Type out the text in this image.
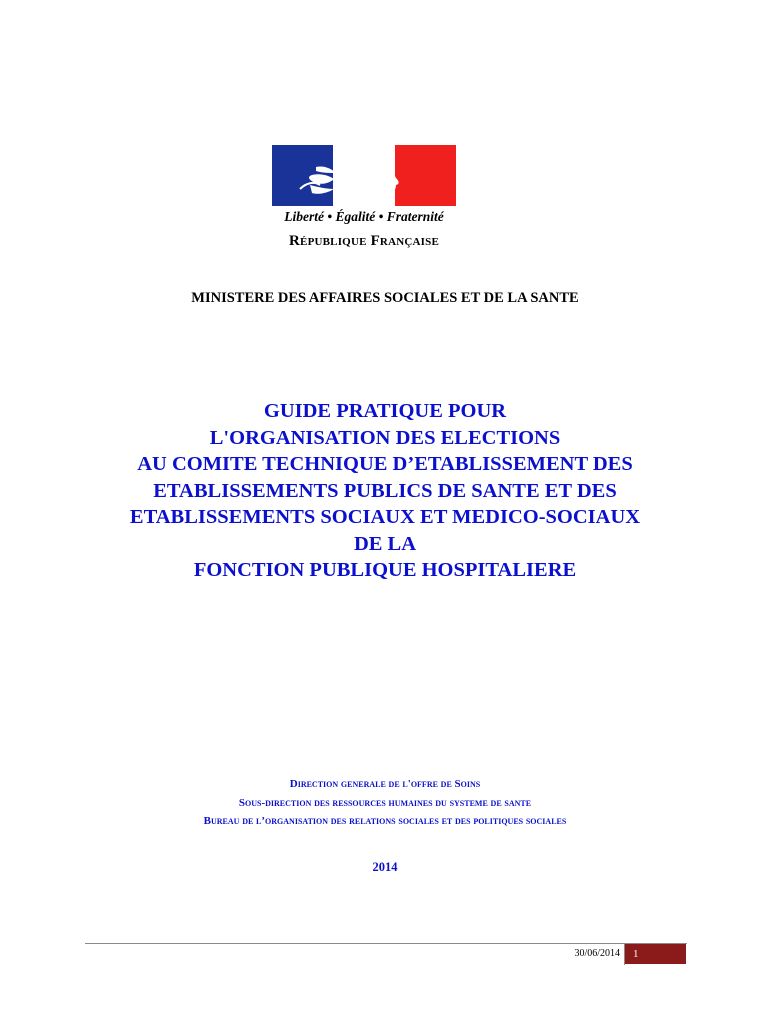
Liberté • Égalité • Fraternité
République Française
MINISTERE DES AFFAIRES SOCIALES ET DE LA SANTE
GUIDE PRATIQUE POUR
L'ORGANISATION DES ELECTIONS
AU COMITE TECHNIQUE D’ETABLISSEMENT DES
ETABLISSEMENTS PUBLICS DE SANTE ET DES
ETABLISSEMENTS SOCIAUX ET MEDICO-SOCIAUX
DE LA
FONCTION PUBLIQUE HOSPITALIERE
Direction generale de l'offre de Soins
Sous-direction des ressources humaines du systeme de sante
Bureau de l’organisation des relations sociales et des politiques sociales
2014
30/06/2014	1
